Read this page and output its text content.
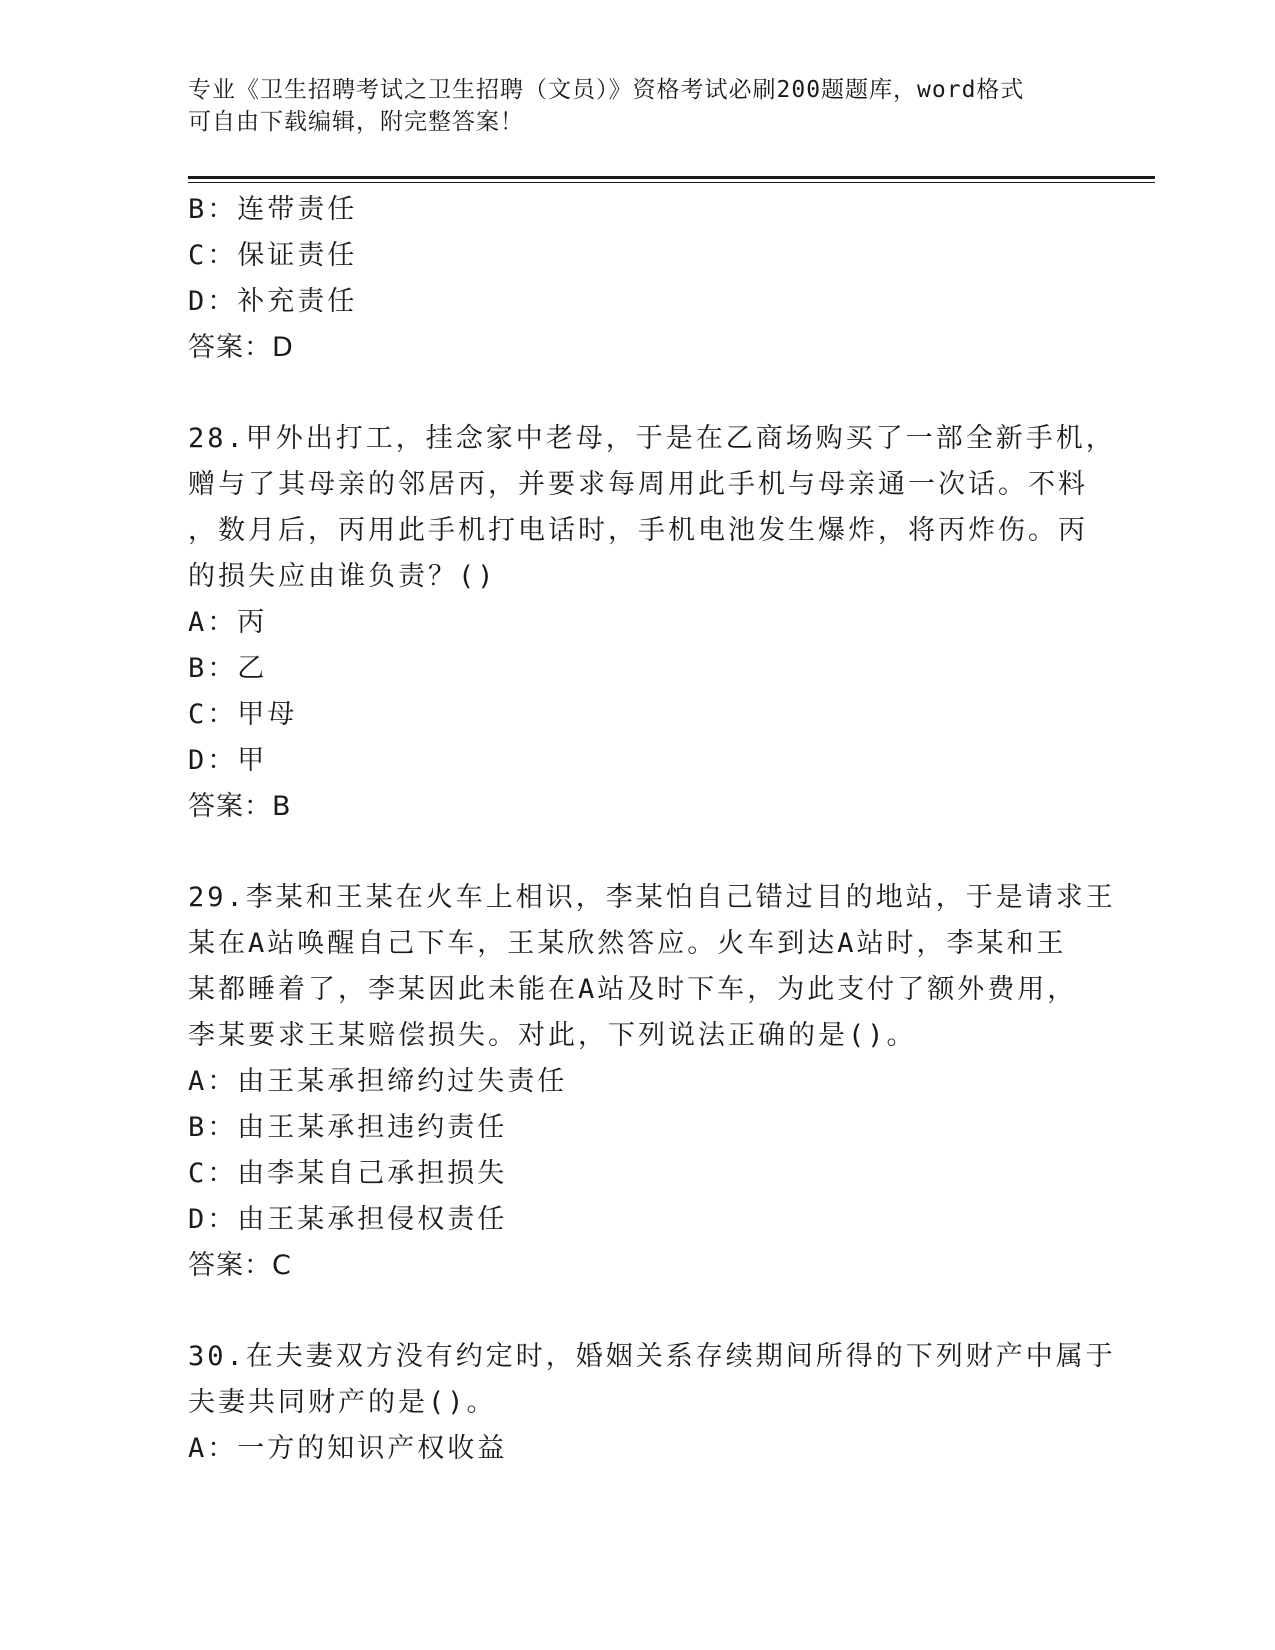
专业《卫生招聘考试之卫生招聘（文员）》资格考试必刷200题题库，word格式
可自由下载编辑，附完整答案！
B：连带责任
C：保证责任
D：补充责任
答案：D
28.甲外出打工，挂念家中老母，于是在乙商场购买了一部全新手机，
赠与了其母亲的邻居丙，并要求每周用此手机与母亲通一次话。不料
，数月后，丙用此手机打电话时，手机电池发生爆炸，将丙炸伤。丙
的损失应由谁负责？()
A：丙
B：乙
C：甲母
D：甲
答案：B
29.李某和王某在火车上相识，李某怕自己错过目的地站，于是请求王
某在A站唤醒自己下车，王某欣然答应。火车到达A站时，李某和王
某都睡着了，李某因此未能在A站及时下车，为此支付了额外费用，
李某要求王某赔偿损失。对此，下列说法正确的是()。
A：由王某承担缔约过失责任
B：由王某承担违约责任
C：由李某自己承担损失
D：由王某承担侵权责任
答案：C
30.在夫妻双方没有约定时，婚姻关系存续期间所得的下列财产中属于
夫妻共同财产的是()。
A：一方的知识产权收益
